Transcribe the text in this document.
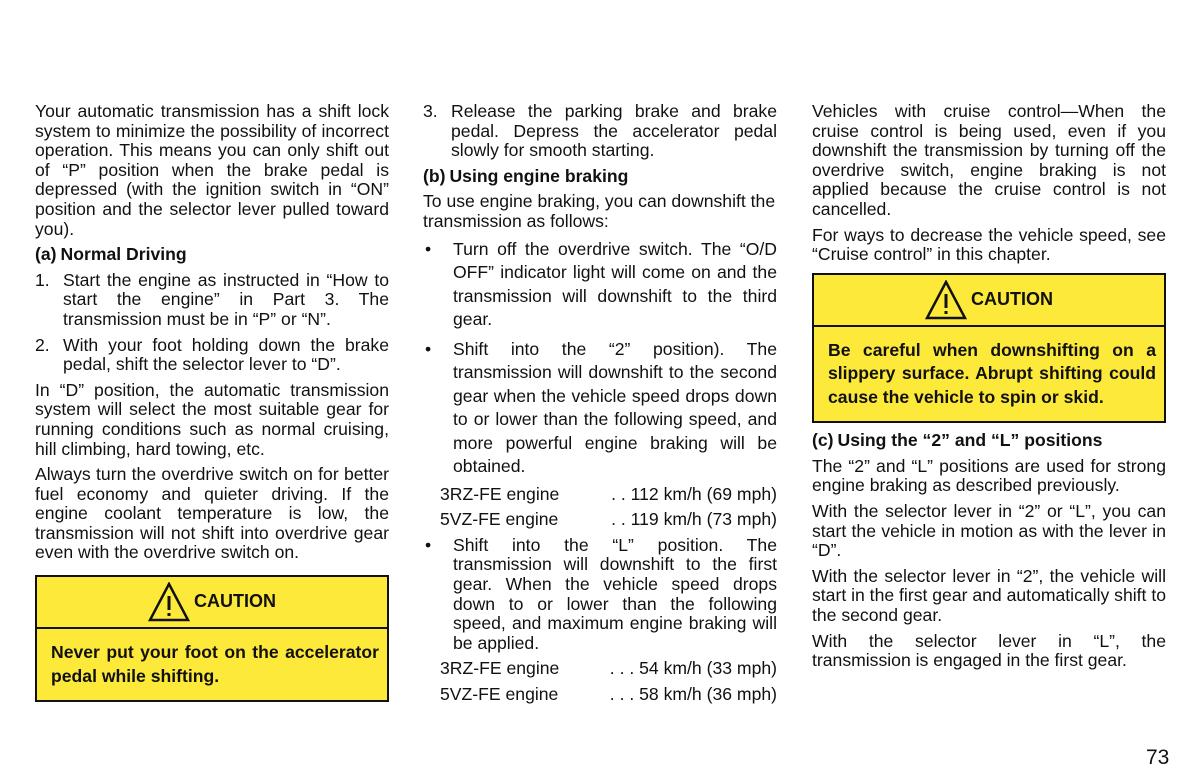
Your automatic transmission has a shift lock system to minimize the possibility of incorrect operation. This means you can only shift out of “P” position when the brake pedal is depressed (with the ignition switch in “ON” position and the selector lever pulled toward you).

(a) Normal Driving
1. Start the engine as instructed in “How to start the engine” in Part 3. The transmission must be in “P” or “N”.
2. With your foot holding down the brake pedal, shift the selector lever to “D”.

In “D” position, the automatic transmission system will select the most suitable gear for running conditions such as normal cruising, hill climbing, hard towing, etc.

Always turn the overdrive switch on for better fuel economy and quieter driving. If the engine coolant temperature is low, the transmission will not shift into overdrive gear even with the overdrive switch on.

CAUTION
Never put your foot on the accelerator pedal while shifting.
3. Release the parking brake and brake pedal. Depress the accelerator pedal slowly for smooth starting.
(b) Using engine braking

To use engine braking, you can downshift the transmission as follows:

•	Turn off the overdrive switch. The “O/D OFF” indicator light will come on and the transmission will downshift to the third gear.
•	Shift into the “2” position). The transmission will downshift to the second gear when the vehicle speed drops down to or lower than the following speed, and more powerful engine braking will be obtained.
3RZ-FE engine	. . 112 km/h (69 mph)
5VZ-FE engine	. . 119 km/h (73 mph)
•	Shift into the “L” position. The transmission will downshift to the first gear. When the vehicle speed drops down to or lower than the following speed, and maximum engine braking will be applied.
3RZ-FE engine	. . . 54 km/h (33 mph)
5VZ-FE engine	. . . 58 km/h (36 mph)

Vehicles with cruise control—When the cruise control is being used, even if you downshift the transmission by turning off the overdrive switch, engine braking is not applied because the cruise control is not cancelled.

For ways to decrease the vehicle speed, see “Cruise control” in this chapter.

CAUTION
Be careful when downshifting on a slippery surface. Abrupt shifting could cause the vehicle to spin or skid.
(c) Using the “2” and “L” positions

The “2” and “L” positions are used for strong engine braking as described previously.

With the selector lever in “2” or “L”, you can start the vehicle in motion as with the lever in “D”.

With the selector lever in “2”, the vehicle will start in the first gear and automatically shift to the second gear.

With the selector lever in “L”, the transmission is engaged in the first gear.

73
